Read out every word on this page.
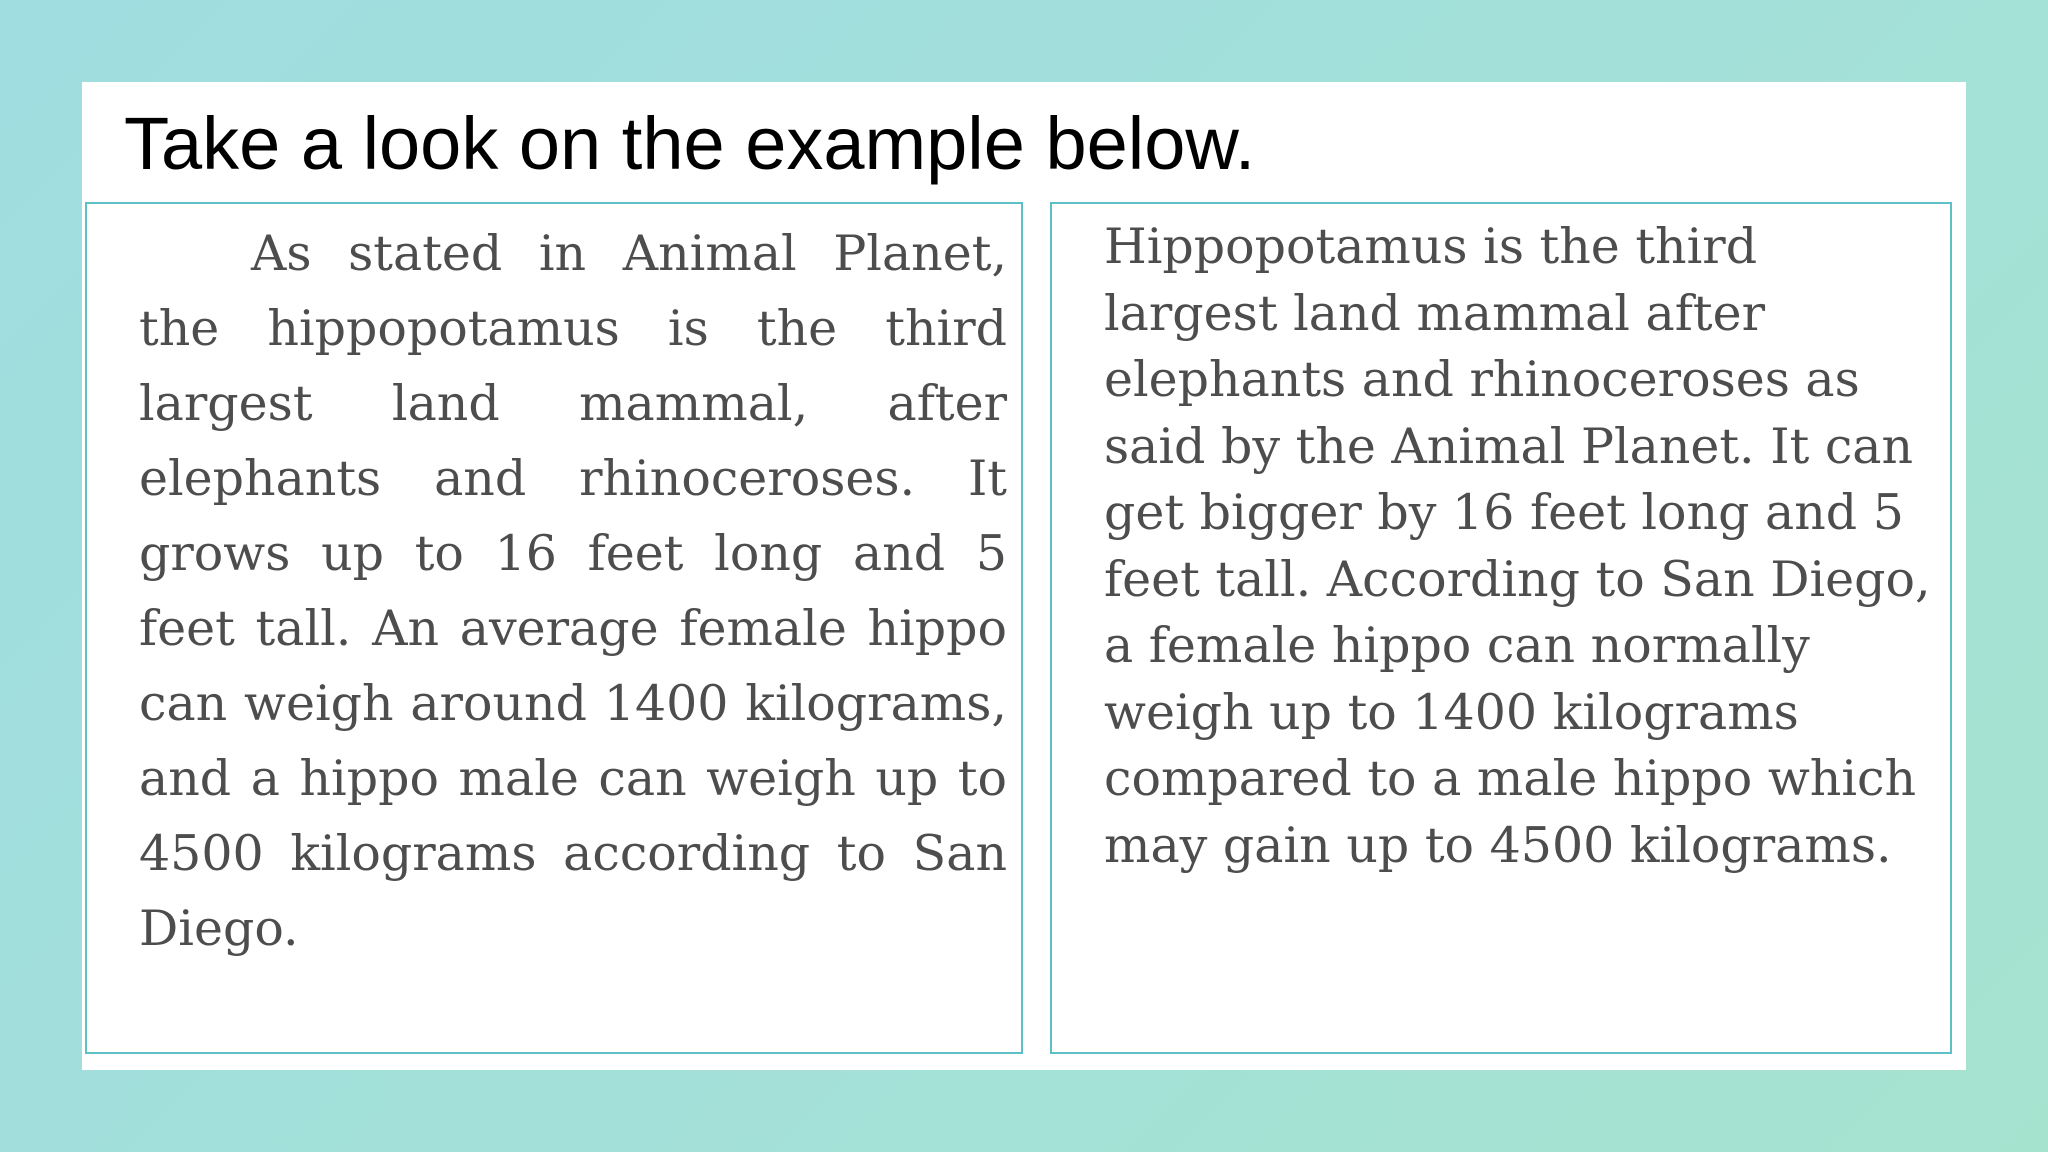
Take a look on the example below.

As stated in Animal Planet, the hippopotamus is the third largest land mammal, after elephants and rhinoceroses. It grows up to 16 feet long and 5 feet tall. An average female hippo can weigh around 1400 kilograms, and a hippo male can weigh up to 4500 kilograms according to San Diego.

Hippopotamus is the third largest land mammal after elephants and rhinoceroses as said by the Animal Planet. It can get bigger by 16 feet long and 5 feet tall. According to San Diego, a female hippo can normally weigh up to 1400 kilograms compared to a male hippo which may gain up to 4500 kilograms.
